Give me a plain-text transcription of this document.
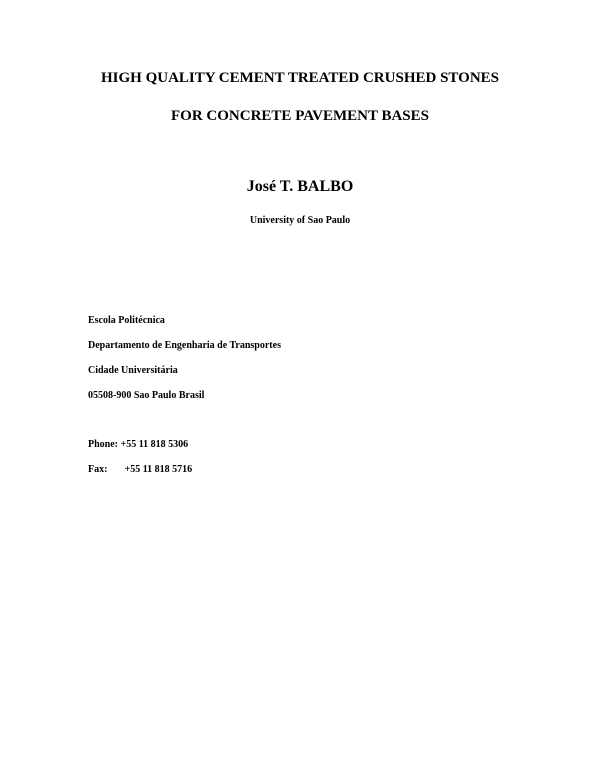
HIGH QUALITY CEMENT TREATED CRUSHED STONES
FOR CONCRETE PAVEMENT BASES
José T. BALBO
University of Sao Paulo
Escola Politécnica
Departamento de Engenharia de Transportes
Cidade Universitária
05508-900 Sao Paulo Brasil
Phone: +55 11 818 5306
Fax: +55 11 818 5716
